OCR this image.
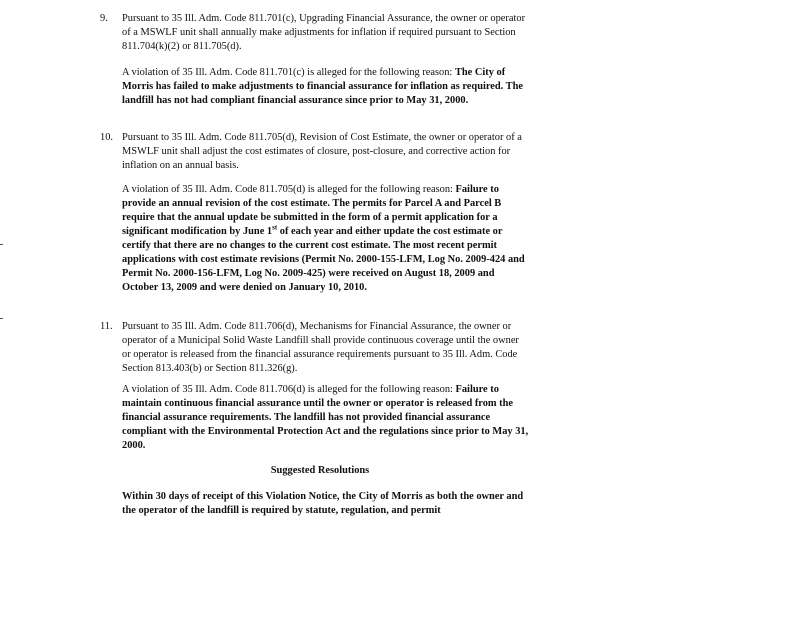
9.	Pursuant to 35 Ill. Adm. Code 811.701(c), Upgrading Financial Assurance, the owner or operator of a MSWLF unit shall annually make adjustments for inflation if required pursuant to Section 811.704(k)(2) or 811.705(d).

A violation of 35 Ill. Adm. Code 811.701(c) is alleged for the following reason: The City of Morris has failed to make adjustments to financial assurance for inflation as required. The landfill has not had compliant financial assurance since prior to May 31, 2000.

10. Pursuant to 35 Ill. Adm. Code 811.705(d), Revision of Cost Estimate, the owner or operator of a MSWLF unit shall adjust the cost estimates of closure, post-closure, and corrective action for inflation on an annual basis.

A violation of 35 Ill. Adm. Code 811.705(d) is alleged for the following reason: Failure to provide an annual revision of the cost estimate. The permits for Parcel A and Parcel B require that the annual update be submitted in the form of a permit application for a significant modification by June 1st of each year and either update the cost estimate or certify that there are no changes to the current cost estimate. The most recent permit applications with cost estimate revisions (Permit No. 2000-155-LFM, Log No. 2009-424 and Permit No. 2000-156-LFM, Log No. 2009-425) were received on August 18, 2009 and October 13, 2009 and were denied on January 10, 2010.

11. Pursuant to 35 Ill. Adm. Code 811.706(d), Mechanisms for Financial Assurance, the owner or operator of a Municipal Solid Waste Landfill shall provide continuous coverage until the owner or operator is released from the financial assurance requirements pursuant to 35 Ill. Adm. Code Section 813.403(b) or Section 811.326(g).

A violation of 35 Ill. Adm. Code 811.706(d) is alleged for the following reason: Failure to maintain continuous financial assurance until the owner or operator is released from the financial assurance requirements. The landfill has not provided financial assurance compliant with the Environmental Protection Act and the regulations since prior to May 31, 2000.

Suggested Resolutions

Within 30 days of receipt of this Violation Notice, the City of Morris as both the owner and the operator of the landfill is required by statute, regulation, and permit
